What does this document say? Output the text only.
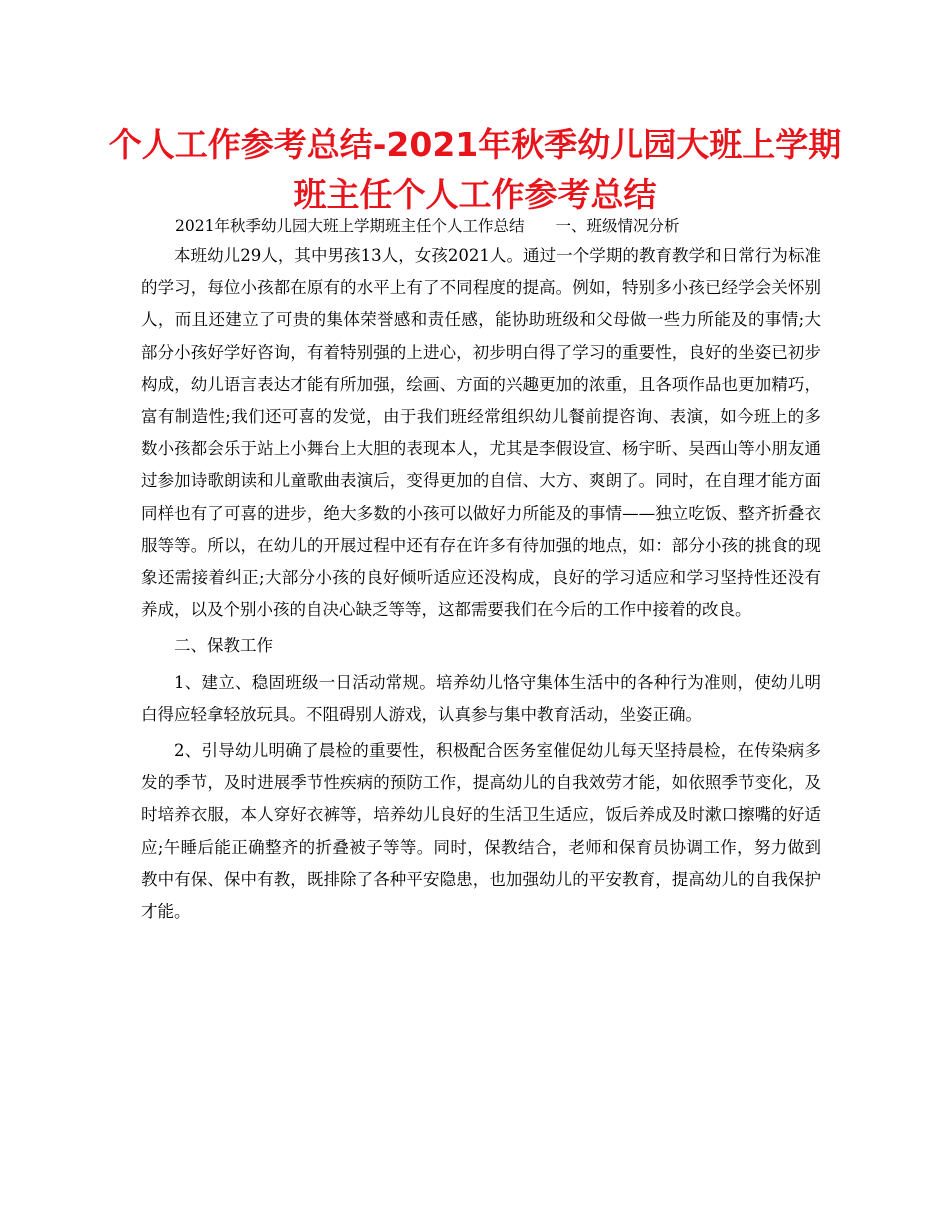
个人工作参考总结-2021年秋季幼儿园大班上学期班主任个人工作参考总结

2021年秋季幼儿园大班上学期班主任个人工作总结　　一、班级情况分析

本班幼儿29人，其中男孩13人，女孩2021人。通过一个学期的教育教学和日常行为标准的学习，每位小孩都在原有的水平上有了不同程度的提高。例如，特别多小孩已经学会关怀别人，而且还建立了可贵的集体荣誉感和责任感，能协助班级和父母做一些力所能及的事情;大部分小孩好学好咨询，有着特别强的上进心，初步明白得了学习的重要性，良好的坐姿已初步构成，幼儿语言表达才能有所加强，绘画、方面的兴趣更加的浓重，且各项作品也更加精巧，富有制造性;我们还可喜的发觉，由于我们班经常组织幼儿餐前提咨询、表演，如今班上的多数小孩都会乐于站上小舞台上大胆的表现本人，尤其是李假设宣、杨宇昕、吴西山等小朋友通过参加诗歌朗读和儿童歌曲表演后，变得更加的自信、大方、爽朗了。同时，在自理才能方面同样也有了可喜的进步，绝大多数的小孩可以做好力所能及的事情——独立吃饭、整齐折叠衣服等等。所以，在幼儿的开展过程中还有存在许多有待加强的地点，如：部分小孩的挑食的现象还需接着纠正;大部分小孩的良好倾听适应还没构成，良好的学习适应和学习坚持性还没有养成，以及个别小孩的自决心缺乏等等，这都需要我们在今后的工作中接着的改良。

二、保教工作

1、建立、稳固班级一日活动常规。培养幼儿恪守集体生活中的各种行为准则，使幼儿明白得应轻拿轻放玩具。不阻碍别人游戏，认真参与集中教育活动，坐姿正确。

2、引导幼儿明确了晨检的重要性，积极配合医务室催促幼儿每天坚持晨检，在传染病多发的季节，及时进展季节性疾病的预防工作，提高幼儿的自我效劳才能，如依照季节变化，及时培养衣服，本人穿好衣裤等，培养幼儿良好的生活卫生适应，饭后养成及时漱口擦嘴的好适应;午睡后能正确整齐的折叠被子等等。同时，保教结合，老师和保育员协调工作，努力做到教中有保、保中有教，既排除了各种平安隐患，也加强幼儿的平安教育，提高幼儿的自我保护才能。
